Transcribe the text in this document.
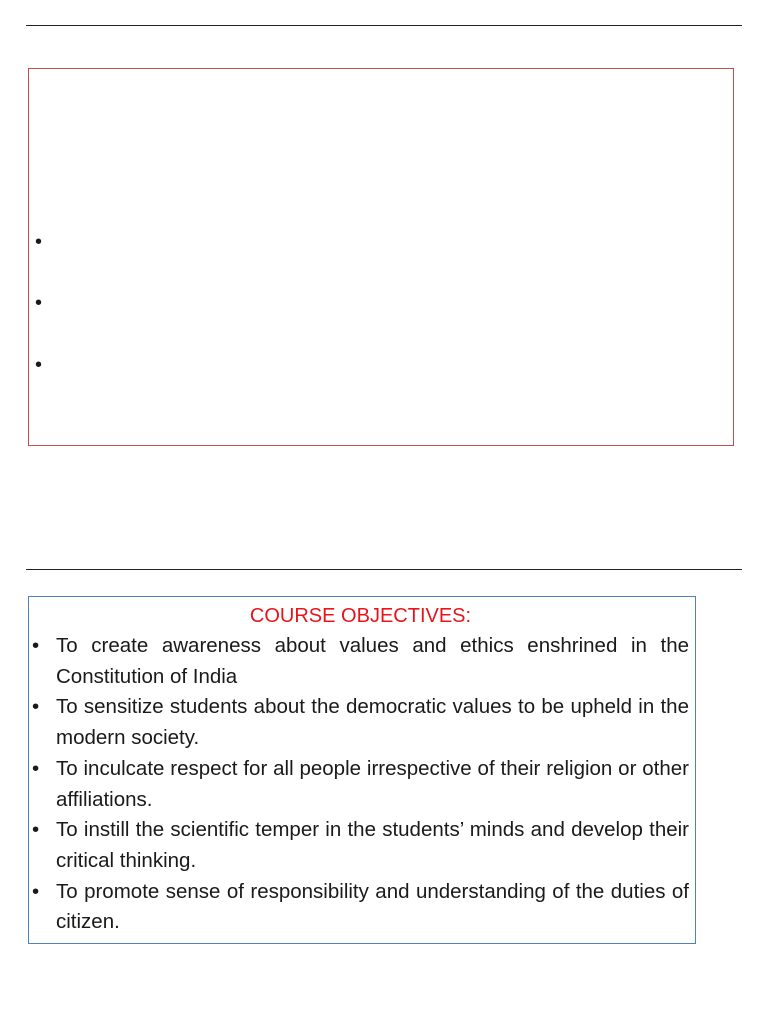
•
•
•
COURSE OBJECTIVES:
• To create awareness about values and ethics enshrined in the Constitution of India
• To sensitize students about the democratic values to be upheld in the modern society.
• To inculcate respect for all people irrespective of their religion or other affiliations.
• To instill the scientific temper in the students’ minds and develop their critical thinking.
• To promote sense of responsibility and understanding of the duties of citizen.
